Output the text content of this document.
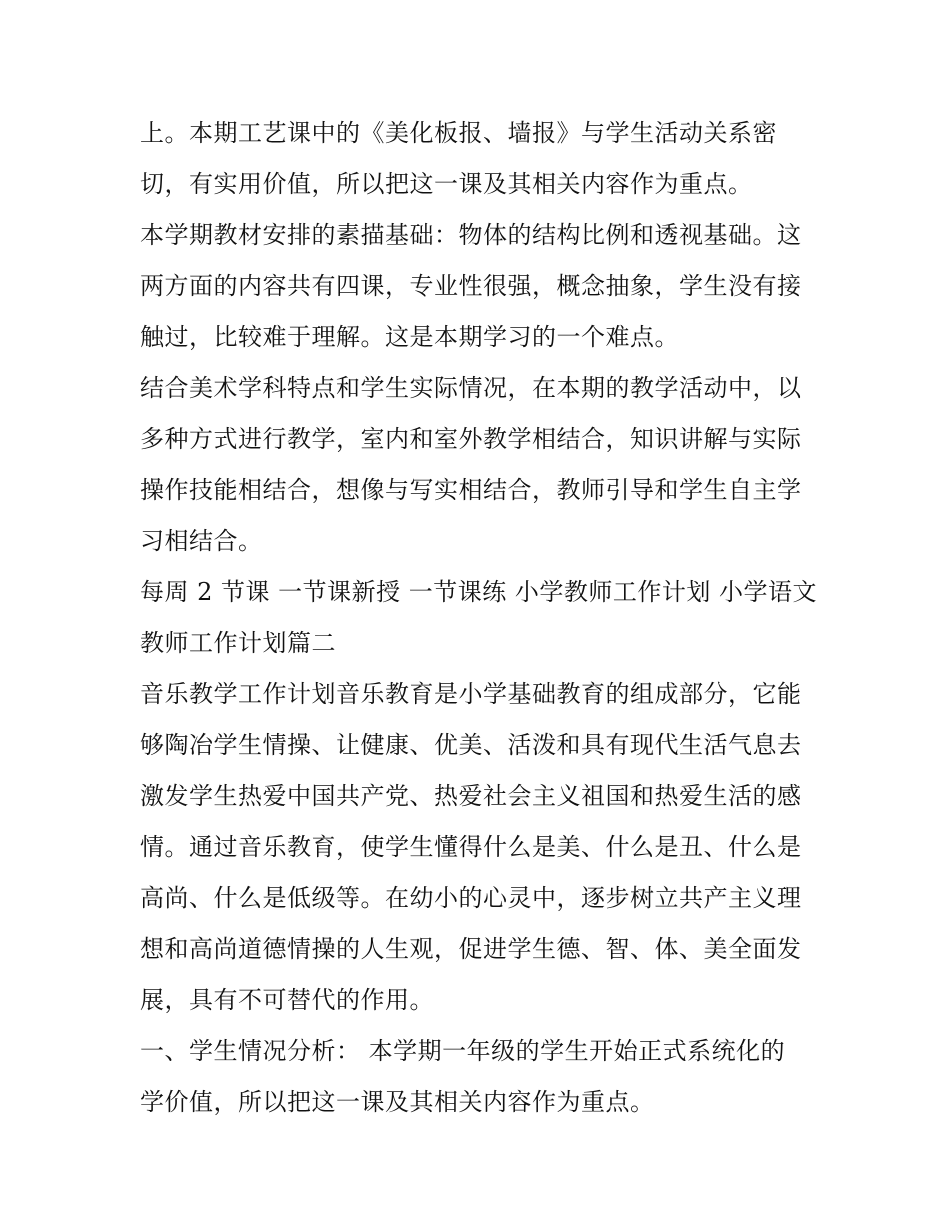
上。本期工艺课中的《美化板报、墙报》与学生活动关系密
切，有实用价值，所以把这一课及其相关内容作为重点。

本学期教材安排的素描基础：物体的结构比例和透视基础。这
两方面的内容共有四课，专业性很强，概念抽象，学生没有接
触过，比较难于理解。这是本期学习的一个难点。

结合美术学科特点和学生实际情况，在本期的教学活动中，以
多种方式进行教学，室内和室外教学相结合，知识讲解与实际
操作技能相结合，想像与写实相结合，教师引导和学生自主学
习相结合。

每周 2 节课 一节课新授 一节课练 小学教师工作计划 小学语文
教师工作计划篇二

音乐教学工作计划音乐教育是小学基础教育的组成部分，它能
够陶冶学生情操、让健康、优美、活泼和具有现代生活气息去
激发学生热爱中国共产党、热爱社会主义祖国和热爱生活的感
情。通过音乐教育，使学生懂得什么是美、什么是丑、什么是
高尚、什么是低级等。在幼小的心灵中，逐步树立共产主义理
想和高尚道德情操的人生观，促进学生德、智、体、美全面发
展，具有不可替代的作用。

一、学生情况分析： 本学期一年级的学生开始正式系统化的
学价值，所以把这一课及其相关内容作为重点。
